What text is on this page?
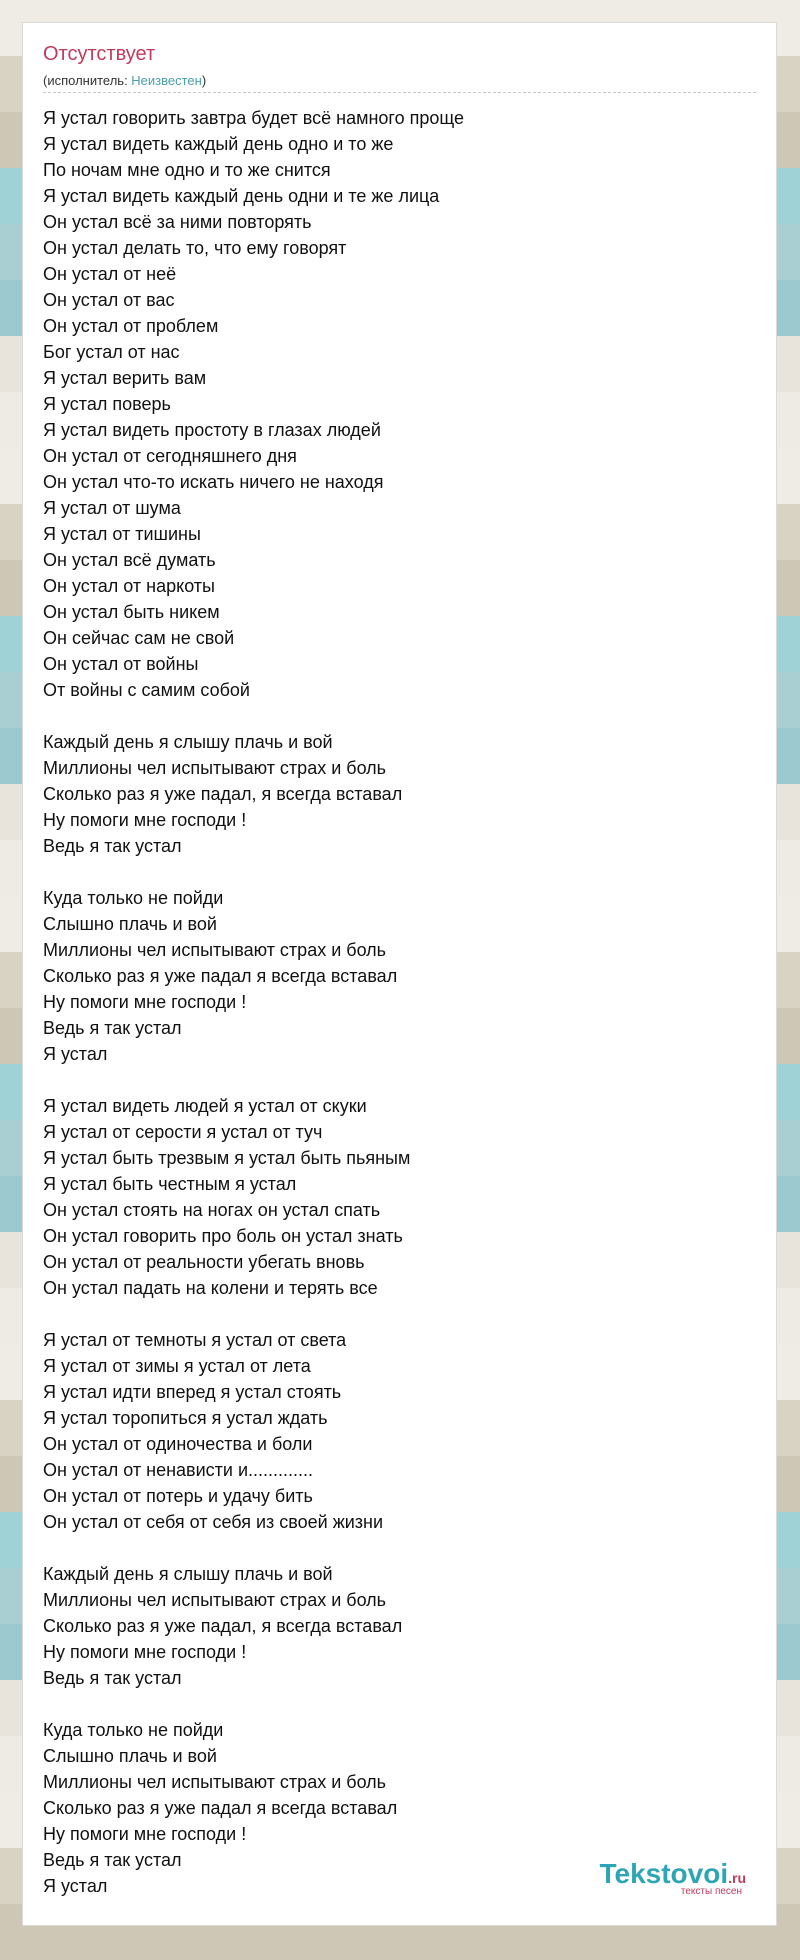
Отсутствует
(исполнитель: Неизвестен)
Я устал говорить завтра будет всё намного проще
Я устал видеть каждый день одно и то же
По ночам мне одно и то же снится
Я устал видеть каждый день одни и те же лица
Он устал всё за ними повторять
Он устал делать то, что ему говорят
Он устал от неё
Он устал от вас
Он устал от проблем
Бог устал от нас
Я устал верить вам
Я устал поверь
Я устал видеть простоту в глазах людей
Он устал от сегодняшнего дня
Он устал что-то искать ничего не находя
Я устал от шума
Я устал от тишины
Он устал всё думать
Он устал от наркоты
Он устал быть никем
Он сейчас сам не свой
Он устал от войны
От войны с самим собой
Каждый день я слышу плачь и вой
Миллионы чел испытывают страх и боль
Сколько раз я уже падал, я всегда вставал
Ну помоги мне господи !
Ведь я так устал
Куда только не пойди
Слышно плачь и вой
Миллионы чел испытывают страх и боль
Сколько раз я уже падал я всегда вставал
Ну помоги мне господи !
Ведь я так устал
Я устал
Я устал видеть людей я устал от скуки
Я устал от серости я устал от туч
Я устал быть трезвым я устал быть пьяным
Я устал быть честным я устал
Он устал стоять на ногах он устал спать
Он устал говорить про боль он устал знать
Он устал от реальности убегать вновь
Он устал падать на колени и терять все
Я устал от темноты я устал от света
Я устал от зимы я устал от лета
Я устал идти вперед я устал стоять
Я устал торопиться я устал ждать
Он устал от одиночества и боли
Он устал от ненависти и.............
Он устал от потерь и удачу бить
Он устал от себя от себя из своей жизни
Каждый день я слышу плачь и вой
Миллионы чел испытывают страх и боль
Сколько раз я уже падал, я всегда вставал
Ну помоги мне господи !
Ведь я так устал
Куда только не пойди
Слышно плачь и вой
Миллионы чел испытывают страх и боль
Сколько раз я уже падал я всегда вставал
Ну помоги мне господи !
Ведь я так устал
Я устал	Tekstovoi.ru
тексты песен
